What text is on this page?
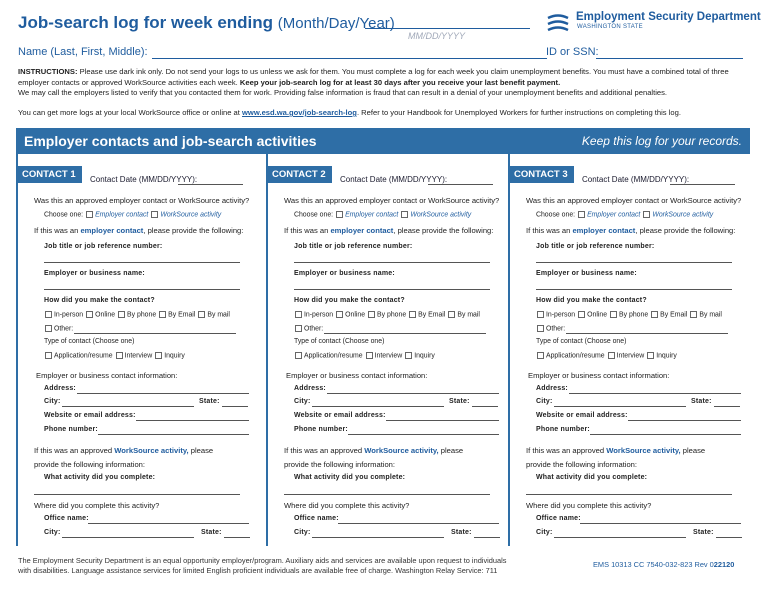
Job-search log for week ending (Month/Day/Year)
MM/DD/YYYY
Employment Security Department
WASHINGTON STATE
Name (Last, First, Middle):	ID or SSN:
INSTRUCTIONS: Please use dark ink only. Do not send your logs to us unless we ask for them. You must complete a log for each week you claim unemployment benefits. You must have a combined total of three employer contacts or approved WorkSource activities each week. Keep your job-search log for at least 30 days after you receive your last benefit payment.
We may call the employers listed to verify that you contacted them for work. Providing false information is fraud that can result in a denial of your unemployment benefits and additional penalties.
You can get more logs at your local WorkSource office or online at www.esd.wa.gov/job-search-log. Refer to your Handbook for Unemployed Workers for further instructions on completing this log.
Employer contacts and job-search activities	Keep this log for your records.
CONTACT 1	Contact Date (MM/DD/YYYY):
Was this an approved employer contact or WorkSource activity?
Choose one: Employer contact WorkSource activity
If this was an employer contact, please provide the following:
Job title or job reference number:
Employer or business name:
How did you make the contact?
In-person Online By phone By Email By mail
Other:
Type of contact (Choose one)
Application/resume Interview Inquiry
Employer or business contact information:
Address:
City:	State:
Website or email address:
Phone number:
If this was an approved WorkSource activity, please
provide the following information:
What activity did you complete:
Where did you complete this activity?
Office name:
City:	State:
CONTACT 2	Contact Date (MM/DD/YYYY):
Was this an approved employer contact or WorkSource activity?
Choose one: Employer contact WorkSource activity
If this was an employer contact, please provide the following:
Job title or job reference number:
Employer or business name:
How did you make the contact?
In-person Online By phone By Email By mail
Other:
Type of contact (Choose one)
Application/resume Interview Inquiry
Employer or business contact information:
Address:
City:	State:
Website or email address:
Phone number:
If this was an approved WorkSource activity, please
provide the following information:
What activity did you complete:
Where did you complete this activity?
Office name:
City:	State:
CONTACT 3	Contact Date (MM/DD/YYYY):
Was this an approved employer contact or WorkSource activity?
Choose one: Employer contact WorkSource activity
If this was an employer contact, please provide the following:
Job title or job reference number:
Employer or business name:
How did you make the contact?
In-person Online By phone By Email By mail
Other:
Type of contact (Choose one)
Application/resume Interview Inquiry
Employer or business contact information:
Address:
City:	State:
Website or email address:
Phone number:
If this was an approved WorkSource activity, please
provide the following information:
What activity did you complete:
Where did you complete this activity?
Office name:
City:	State:
The Employment Security Department is an equal opportunity employer/program. Auxiliary aids and services are available upon request to individuals
with disabilities. Language assistance services for limited English proficient individuals are available free of charge. Washington Relay Service: 711
EMS 10313 CC 7540-032-823 Rev 022120
